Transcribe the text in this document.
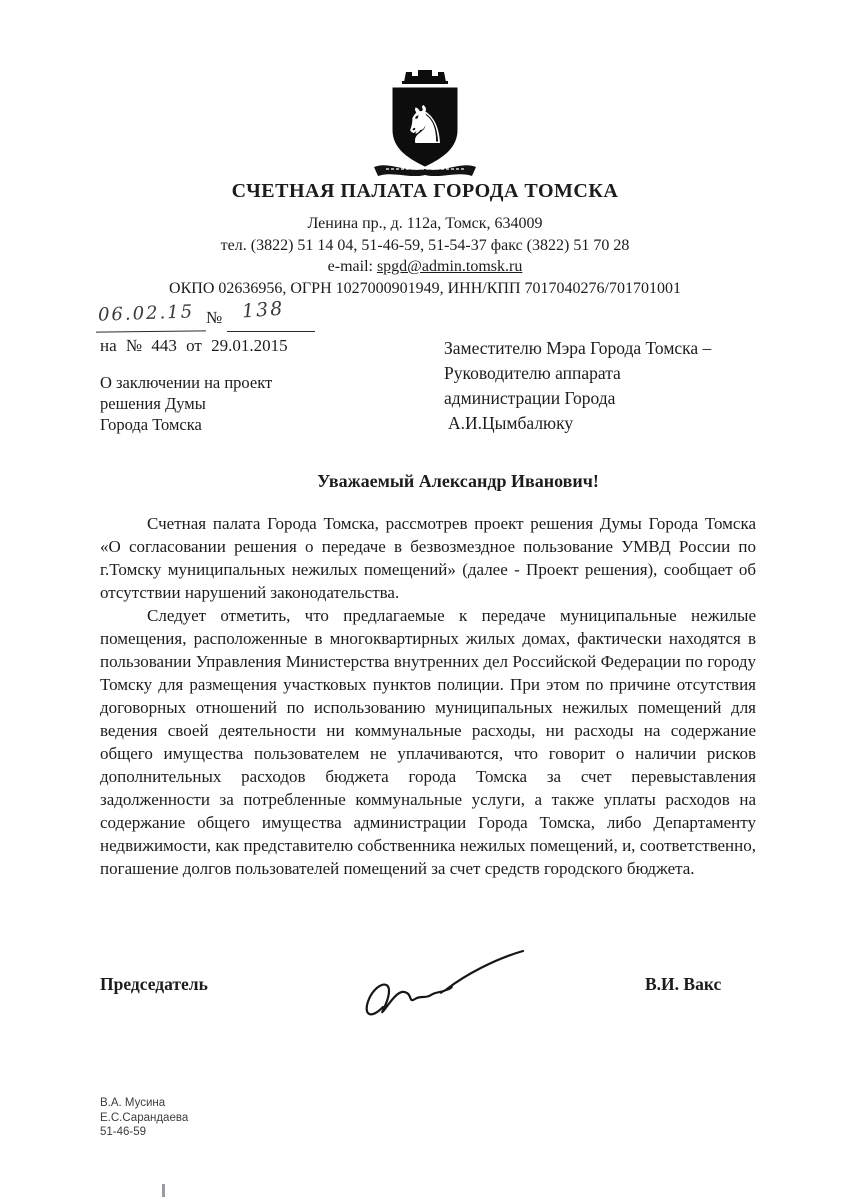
♞
СЧЕТНАЯ ПАЛАТА ГОРОДА ТОМСКА
Ленина пр., д. 112а, Томск, 634009
тел. (3822) 51 14 04, 51-46-59, 51-54-37 факс (3822) 51 70 28
e-mail: spgd@admin.tomsk.ru
ОКПО 02636956, ОГРН 1027000901949, ИНН/КПП 7017040276/701701001
06.02.15 № 138
на № 443 от 29.01.2015
О заключении на проект
решения Думы
Города Томска
Заместителю Мэра Города Томска –
Руководителю аппарата
администрации Города
А.И.Цымбалюку
Уважаемый Александр Иванович!

Счетная палата Города Томска, рассмотрев проект решения Думы Города Томска «О согласовании решения о передаче в безвозмездное пользование УМВД России по г.Томску муниципальных нежилых помещений» (далее - Проект решения), сообщает об отсутствии нарушений законодательства.

Следует отметить, что предлагаемые к передаче муниципальные нежилые помещения, расположенные в многоквартирных жилых домах, фактически находятся в пользовании Управления Министерства внутренних дел Российской Федерации по городу Томску для размещения участковых пунктов полиции. При этом по причине отсутствия договорных отношений по использованию муниципальных нежилых помещений для ведения своей деятельности ни коммунальные расходы, ни расходы на содержание общего имущества пользователем не уплачиваются, что говорит о наличии рисков дополнительных расходов бюджета города Томска за счет перевыставления задолженности за потребленные коммунальные услуги, а также уплаты расходов на содержание общего имущества администрации Города Томска, либо Департаменту недвижимости, как представителю собственника нежилых помещений, и, соответственно, погашение долгов пользователей помещений за счет средств городского бюджета.

Председатель	В.И. Вакс
В.А. Мусина
Е.С.Сарандаева
51-46-59
